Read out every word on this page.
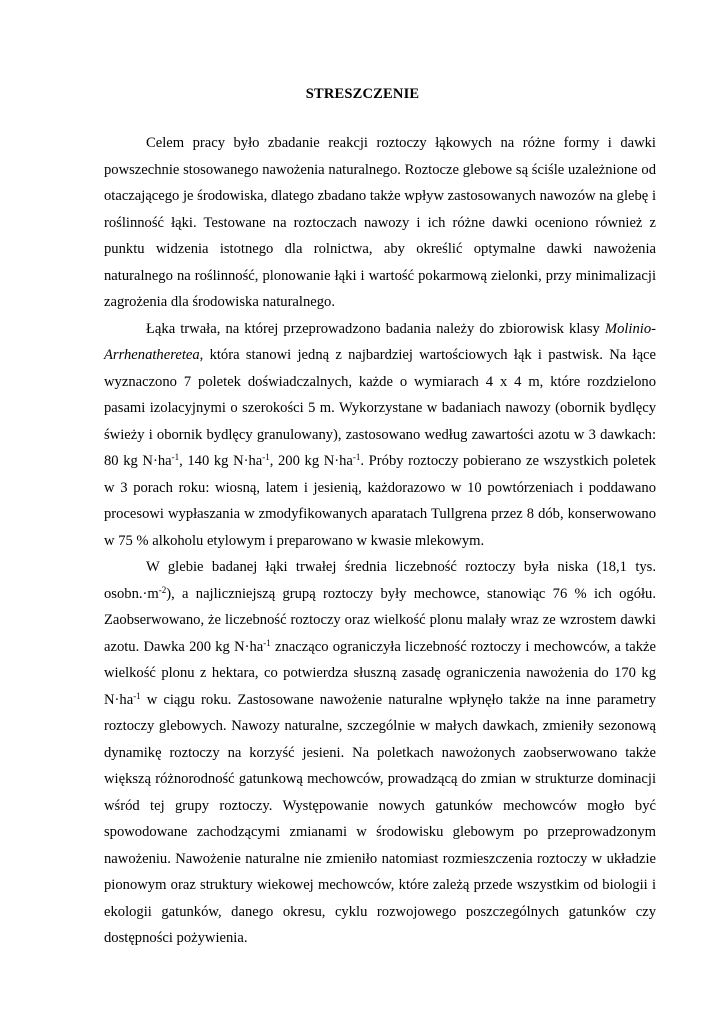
STRESZCZENIE

Celem pracy było zbadanie reakcji roztoczy łąkowych na różne formy i dawki powszechnie stosowanego nawożenia naturalnego. Roztocze glebowe są ściśle uzależnione od otaczającego je środowiska, dlatego zbadano także wpływ zastosowanych nawozów na glebę i roślinność łąki. Testowane na roztoczach nawozy i ich różne dawki oceniono również z punktu widzenia istotnego dla rolnictwa, aby określić optymalne dawki nawożenia naturalnego na roślinność, plonowanie łąki i wartość pokarmową zielonki, przy minimalizacji zagrożenia dla środowiska naturalnego.

Łąka trwała, na której przeprowadzono badania należy do zbiorowisk klasy Molinio-Arrhenatheretea, która stanowi jedną z najbardziej wartościowych łąk i pastwisk. Na łące wyznaczono 7 poletek doświadczalnych, każde o wymiarach 4 x 4 m, które rozdzielono pasami izolacyjnymi o szerokości 5 m. Wykorzystane w badaniach nawozy (obornik bydlęcy świeży i obornik bydlęcy granulowany), zastosowano według zawartości azotu w 3 dawkach: 80 kg $N\cdot ha^{-1}$, 140 kg $N\cdot ha^{-1}$, 200 kg $N\cdot ha^{-1}$. Próby roztoczy pobierano ze wszystkich poletek w 3 porach roku: wiosną, latem i jesienią, każdorazowo w 10 powtórzeniach i poddawano procesowi wypłaszania w zmodyfikowanych aparatach Tullgrena przez 8 dób, konserwowano w 75 % alkoholu etylowym i preparowano w kwasie mlekowym.

W glebie badanej łąki trwałej średnia liczebność roztoczy była niska (18,1 tys. $osobn.\cdot m^{-2}$), a najliczniejszą grupą roztoczy były mechowce, stanowiąc 76 % ich ogółu. Zaobserwowano, że liczebność roztoczy oraz wielkość plonu malały wraz ze wzrostem dawki azotu. Dawka 200 kg $N\cdot ha^{-1}$ znacząco ograniczyła liczebność roztoczy i mechowców, a także wielkość plonu z hektara, co potwierdza słuszną zasadę ograniczenia nawożenia do 170 kg $N\cdot ha^{-1}$ w ciągu roku. Zastosowane nawożenie naturalne wpłynęło także na inne parametry roztoczy glebowych. Nawozy naturalne, szczególnie w małych dawkach, zmieniły sezonową dynamikę roztoczy na korzyść jesieni. Na poletkach nawożonych zaobserwowano także większą różnorodność gatunkową mechowców, prowadzącą do zmian w strukturze dominacji wśród tej grupy roztoczy. Występowanie nowych gatunków mechowców mogło być spowodowane zachodzącymi zmianami w środowisku glebowym po przeprowadzonym nawożeniu. Nawożenie naturalne nie zmieniło natomiast rozmieszczenia roztoczy w układzie pionowym oraz struktury wiekowej mechowców, które zależą przede wszystkim od biologii i ekologii gatunków, danego okresu, cyklu rozwojowego poszczególnych gatunków czy dostępności pożywienia.
